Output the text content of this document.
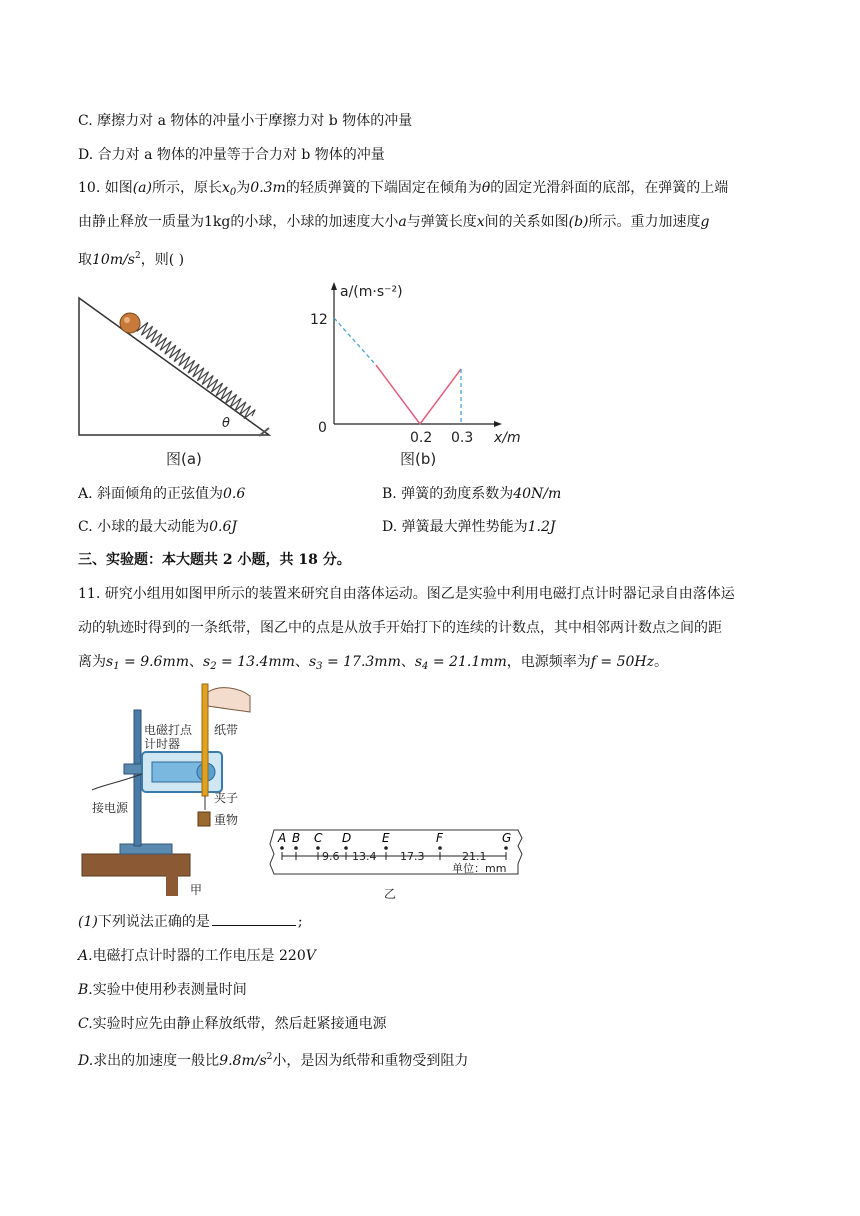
C. 摩擦力对 a 物体的冲量小于摩擦力对 b 物体的冲量
D. 合力对 a 物体的冲量等于合力对 b 物体的冲量
10. 如图(a)所示，原长$x_0$为0.3m的轻质弹簧的下端固定在倾角为θ的固定光滑斜面的底部，在弹簧的上端
由静止释放一质量为1kg的小球，小球的加速度大小a与弹簧长度x间的关系如图(b)所示。重力加速度g
取$10m/s^2$，则( )
θ
图(a)
a/(m·s⁻²)
12
0
0.2 0.3 x/m
图(b)
A. 斜面倾角的正弦值为0.6	B. 弹簧的劲度系数为40N/m
C. 小球的最大动能为0.6J	D. 弹簧最大弹性势能为1.2J
三、实验题：本大题共 2 小题，共 18 分。
11. 研究小组用如图甲所示的装置来研究自由落体运动。图乙是实验中利用电磁打点计时器记录自由落体运
动的轨迹时得到的一条纸带，图乙中的点是从放手开始打下的连续的计数点，其中相邻两计数点之间的距
离为$s_1 = 9.6mm$、$s_2 = 13.4mm$、$s_3 = 17.3mm$、$s_4 = 21.1mm$，电源频率为f = 50Hz。
电磁打点
计时器
纸带
接电源
夹子
重物
甲
A B C D	E	F	G
9.6 13.4 17.3	21.1
单位：mm
乙
(1)下列说法正确的是	;
A.电磁打点计时器的工作电压是 220V
B.实验中使用秒表测量时间
C.实验时应先由静止释放纸带，然后赶紧接通电源
D.求出的加速度一般比$9.8m/s^2$小，是因为纸带和重物受到阻力
